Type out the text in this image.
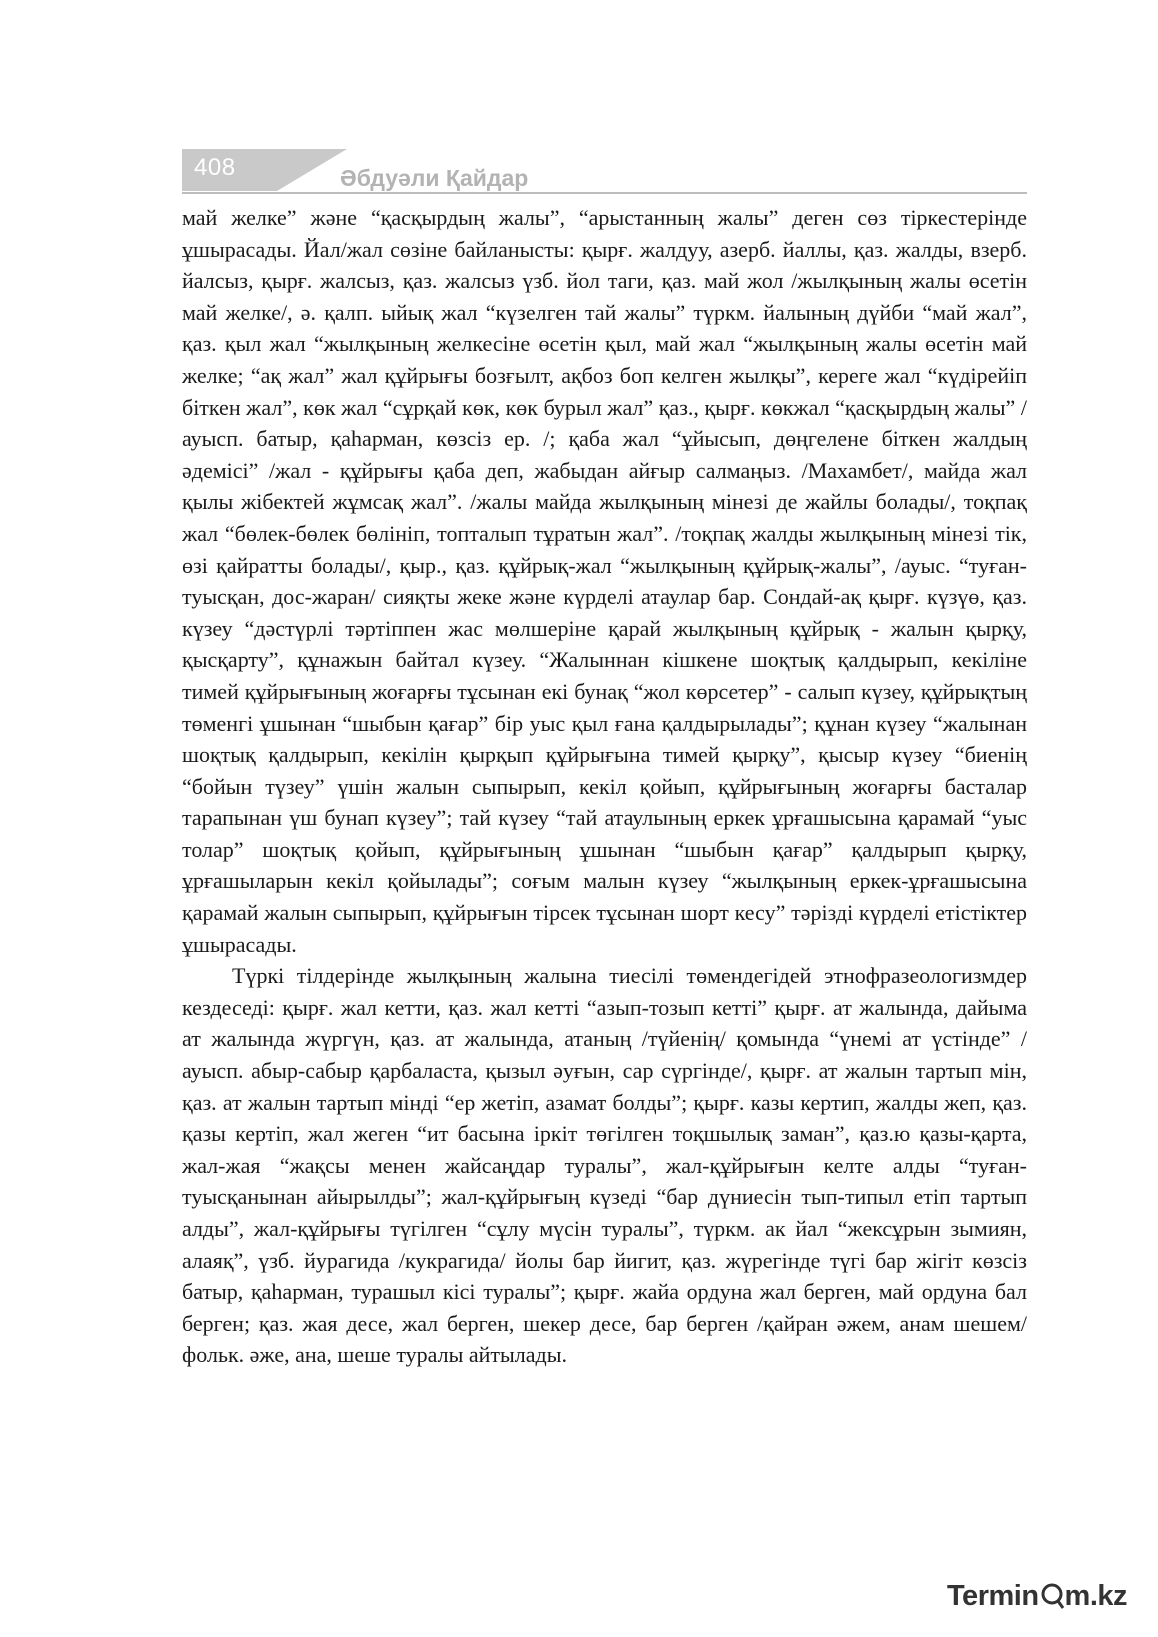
408	Әбдуәли Қайдар

май желке” және “қасқырдың жалы”, “арыстанның жалы” деген сөз тіркестерінде ұшырасады. Йал/жал сөзіне байланысты: қырғ. жалдуу, азерб. йаллы, қаз. жалды, взерб. йалсыз, қырғ. жалсыз, қаз. жалсыз үзб. йол таги, қаз. май жол /жылқының жалы өсетін май желке/, ә. қалп. ыйық жал “күзелген тай жалы” түркм. йалының дүйби “май жал”, қаз. қыл жал “жылқының желкесіне өсетін қыл, май жал “жылқының жалы өсетін май желке; “ақ жал” жал құйрығы бозғылт, ақбоз боп келген жылқы”, кереге жал “күдірейіп біткен жал”, көк жал “сұрқай көк, көк бурыл жал” қаз., қырғ. көкжал “қасқырдың жалы” / ауысп. батыр, қаһарман, көзсіз ер. /; қаба жал “ұйысып, дөңгелене біткен жалдың әдемісі” /жал - құйрығы қаба деп, жабыдан айғыр салмаңыз. /Махамбет/, майда жал қылы жібектей жұмсақ жал”. /жалы майда жылқының мінезі де жайлы болады/, тоқпақ жал “бөлек-бөлек бөлініп, топталып тұратын жал”. /тоқпақ жалды жылқының мінезі тік, өзі қайратты болады/, қыр., қаз. құйрық-жал “жылқының құйрық-жалы”, /ауыс. “туған-туысқан, дос-жаран/ сияқты жеке және күрделі атаулар бар. Сондай-ақ қырғ. күзүө, қаз. күзеу “дәстүрлі тәртіппен жас мөлшеріне қарай жылқының құйрық - жалын қырқу, қысқарту”, құнажын байтал күзеу. “Жалыннан кішкене шоқтық қалдырып, кекіліне тимей құйрығының жоғарғы тұсынан екі бунақ “жол көрсетер” - салып күзеу, құйрықтың төменгі ұшынан “шыбын қағар” бір уыс қыл ғана қалдырылады”; құнан күзеу “жалынан шоқтық қалдырып, кекілін қырқып құйрығына тимей қырқу”, қысыр күзеу “биенің “бойын түзеу” үшін жалын сыпырып, кекіл қойып, құйрығының жоғарғы басталар тарапынан үш бунап күзеу”; тай күзеу “тай атаулының еркек ұрғашысына қарамай “уыс толар” шоқтық қойып, құйрығының ұшынан “шыбын қағар” қалдырып қырқу, ұрғашыларын кекіл қойылады”; соғым малын күзеу “жылқының еркек-ұрғашысына қарамай жалын сыпырып, құйрығын тірсек тұсынан шорт кесу” тәрізді күрделі етістіктер ұшырасады.

Түркі тілдерінде жылқының жалына тиесілі төмендегідей этнофразеологизмдер кездеседі: қырғ. жал кетти, қаз. жал кетті “азып-тозып кетті” қырғ. ат жалында, дайыма ат жалында жүргүн, қаз. ат жалында, атаның /түйенің/ қомында “үнемі ат үстінде” /ауысп. абыр-сабыр қарбаласта, қызыл әуғын, сар сүргінде/, қырғ. ат жалын тартып мін, қаз. ат жалын тартып мінді “ер жетіп, азамат болды”; қырғ. казы кертип, жалды жеп, қаз. қазы кертіп, жал жеген “ит басына іркіт төгілген тоқшылық заман”, қаз.ю қазы-қарта, жал-жая “жақсы менен жайсаңдар туралы”, жал-құйрығын келте алды “туған-туысқанынан айырылды”; жал-құйрығың күзеді “бар дүниесін тып-типыл етіп тартып алды”, жал-құйрығы түгілген “сұлу мүсін туралы”, түркм. ак йал “жексұрын зымиян, алаяқ”, үзб. йурагида /кукрагида/ йолы бар йигит, қаз. жүрегінде түгі бар жігіт көзсіз батыр, қаһарман, турашыл кісі туралы”; қырғ. жайа ордуна жал берген, май ордуна бал берген; қаз. жая десе, жал берген, шекер десе, бар берген /қайран әжем, анам шешем/ фольк. әже, ана, шеше туралы айтылады.

Termin m.kz
